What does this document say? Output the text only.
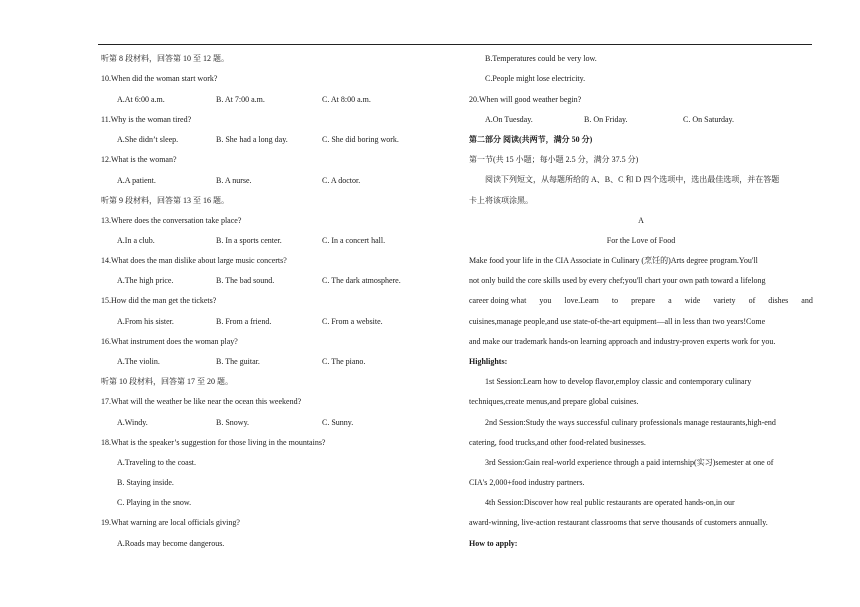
听第 8 段材料，回答第 10 至 12 题。
10.When did the woman start work?
A.At 6:00 a.m.	B. At 7:00 a.m.	C. At 8:00 a.m.
11.Why is the woman tired?
A.She didn’t sleep.	B. She had a long day.	C. She did boring work.
12.What is the woman?
A.A patient.	B. A nurse.	C. A doctor.
听第 9 段材料，回答第 13 至 16 题。
13.Where does the conversation take place?
A.In a club.	B. In a sports center.	C. In a concert hall.
14.What does the man dislike about large music concerts?
A.The high price.	B. The bad sound.	C. The dark atmosphere.
15.How did the man get the tickets?
A.From his sister.	B. From a friend.	C. From a website.
16.What instrument does the woman play?
A.The violin.	B. The guitar.	C. The piano.
听第 10 段材料，回答第 17 至 20 题。
17.What will the weather be like near the ocean this weekend?
A.Windy.	B. Snowy.	C. Sunny.
18.What is the speaker’s suggestion for those living in the mountains?
A.Traveling to the coast.
B. Staying inside.
C. Playing in the snow.
19.What warning are local officials giving?
A.Roads may become dangerous.
B.Temperatures could be very low.
C.People might lose electricity.
20.When will good weather begin?
A.On Tuesday.	B. On Friday.	C. On Saturday.
第二部分 阅读(共两节，满分 50 分)
第一节(共 15 小题；每小题 2.5 分，满分 37.5 分)
阅读下列短文，从每题所给的 A、B、C 和 D 四个选项中，选出最佳选项，并在答题
卡上将该项涂黑。
A
For the Love of Food
Make food your life in the CIA Associate in Culinary (烹饪的)Arts degree program.You'll
not only build the core skills used by every chef;you'll chart your own path toward a lifelong
career doing what you love.Learn to prepare a wide variety of dishes and
cuisines,manage people,and use state-of-the-art equipment—all in less than two years!Come
and make our trademark hands-on learning approach and industry-proven experts work for you.
Highlights:
1st Session:Learn how to develop flavor,employ classic and contemporary culinary
techniques,create menus,and prepare global cuisines.
2nd Session:Study the ways successful culinary professionals manage restaurants,high-end
catering, food trucks,and other food-related businesses.
3rd Session:Gain real-world experience through a paid internship(实习)semester at one of
CIA's 2,000+food industry partners.
4th Session:Discover how real public restaurants are operated hands-on,in our
award-winning, live-action restaurant classrooms that serve thousands of customers annually.
How to apply:
